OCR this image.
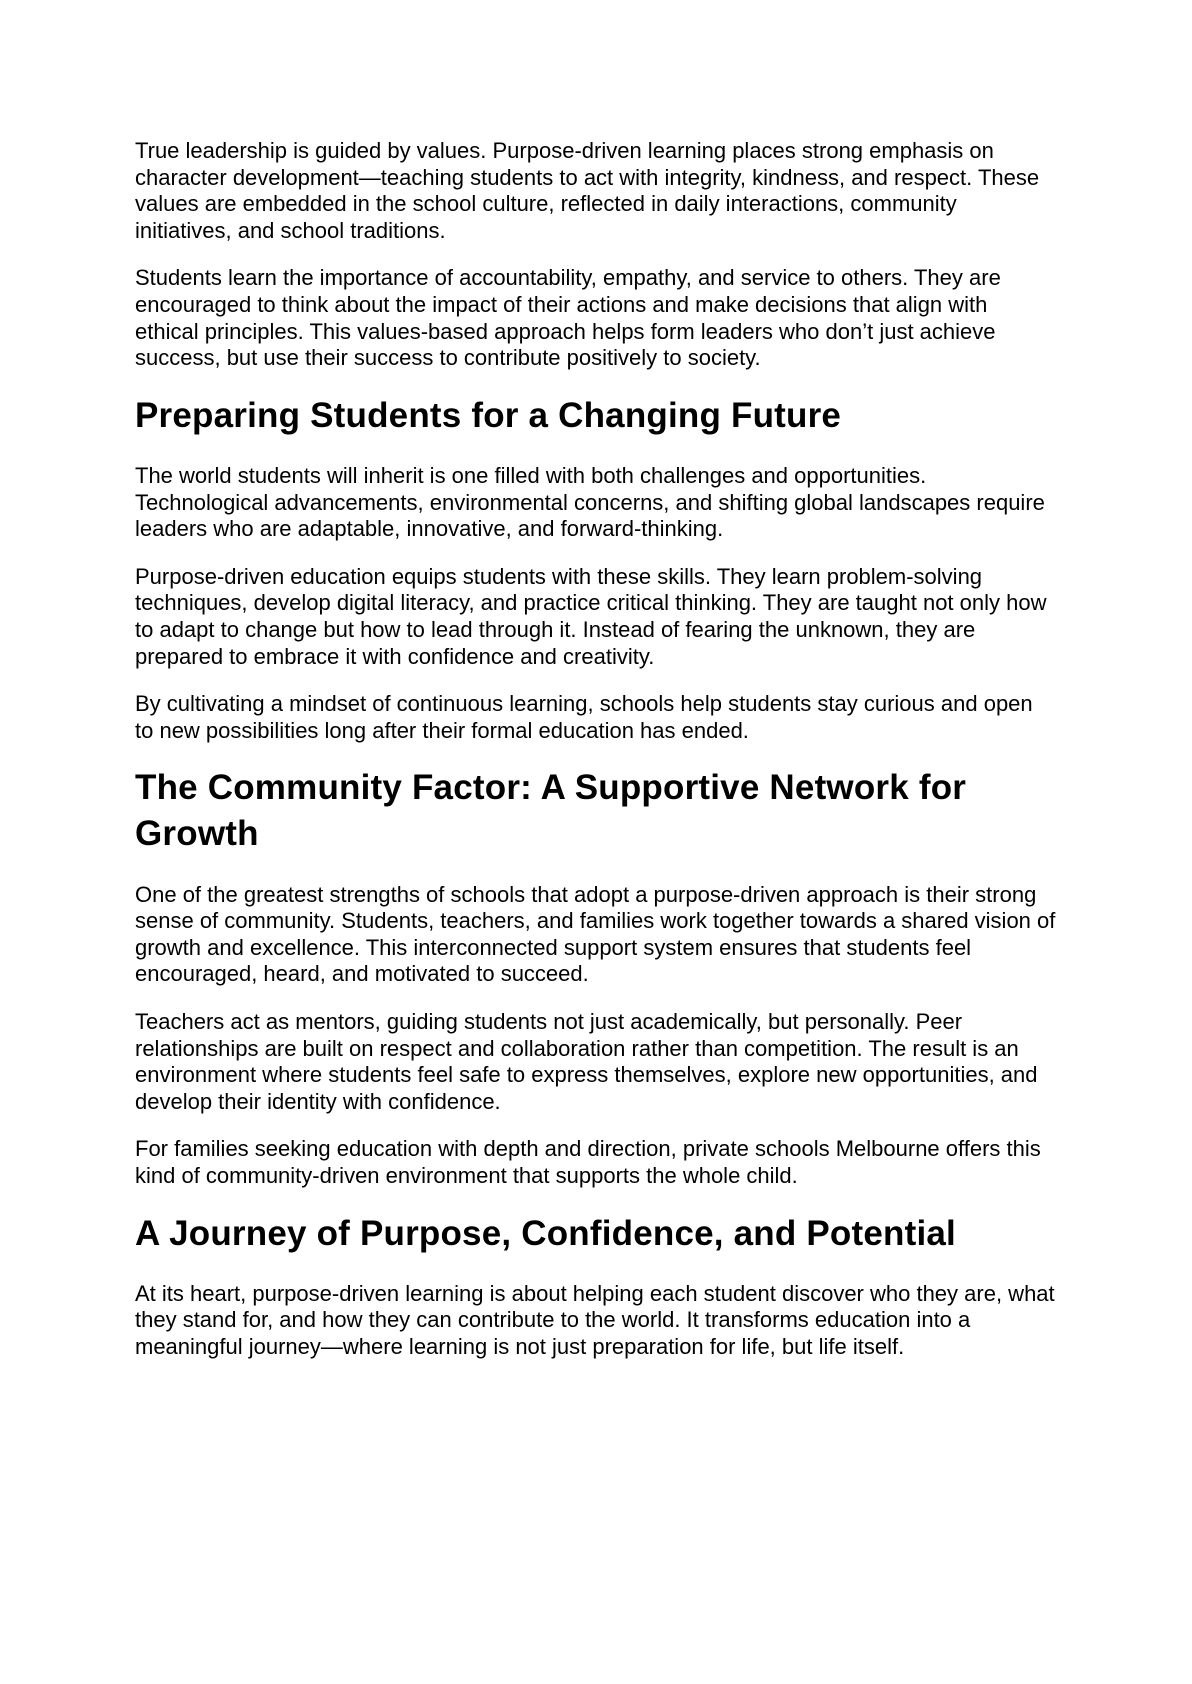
True leadership is guided by values. Purpose-driven learning places strong emphasis on character development—teaching students to act with integrity, kindness, and respect. These values are embedded in the school culture, reflected in daily interactions, community initiatives, and school traditions.

Students learn the importance of accountability, empathy, and service to others. They are encouraged to think about the impact of their actions and make decisions that align with ethical principles. This values-based approach helps form leaders who don’t just achieve success, but use their success to contribute positively to society.

Preparing Students for a Changing Future

The world students will inherit is one filled with both challenges and opportunities. Technological advancements, environmental concerns, and shifting global landscapes require leaders who are adaptable, innovative, and forward-thinking.

Purpose-driven education equips students with these skills. They learn problem-solving techniques, develop digital literacy, and practice critical thinking. They are taught not only how to adapt to change but how to lead through it. Instead of fearing the unknown, they are prepared to embrace it with confidence and creativity.

By cultivating a mindset of continuous learning, schools help students stay curious and open to new possibilities long after their formal education has ended.

The Community Factor: A Supportive Network for Growth

One of the greatest strengths of schools that adopt a purpose-driven approach is their strong sense of community. Students, teachers, and families work together towards a shared vision of growth and excellence. This interconnected support system ensures that students feel encouraged, heard, and motivated to succeed.

Teachers act as mentors, guiding students not just academically, but personally. Peer relationships are built on respect and collaboration rather than competition. The result is an environment where students feel safe to express themselves, explore new opportunities, and develop their identity with confidence.

For families seeking education with depth and direction, private schools Melbourne offers this kind of community-driven environment that supports the whole child.

A Journey of Purpose, Confidence, and Potential

At its heart, purpose-driven learning is about helping each student discover who they are, what they stand for, and how they can contribute to the world. It transforms education into a meaningful journey—where learning is not just preparation for life, but life itself.
